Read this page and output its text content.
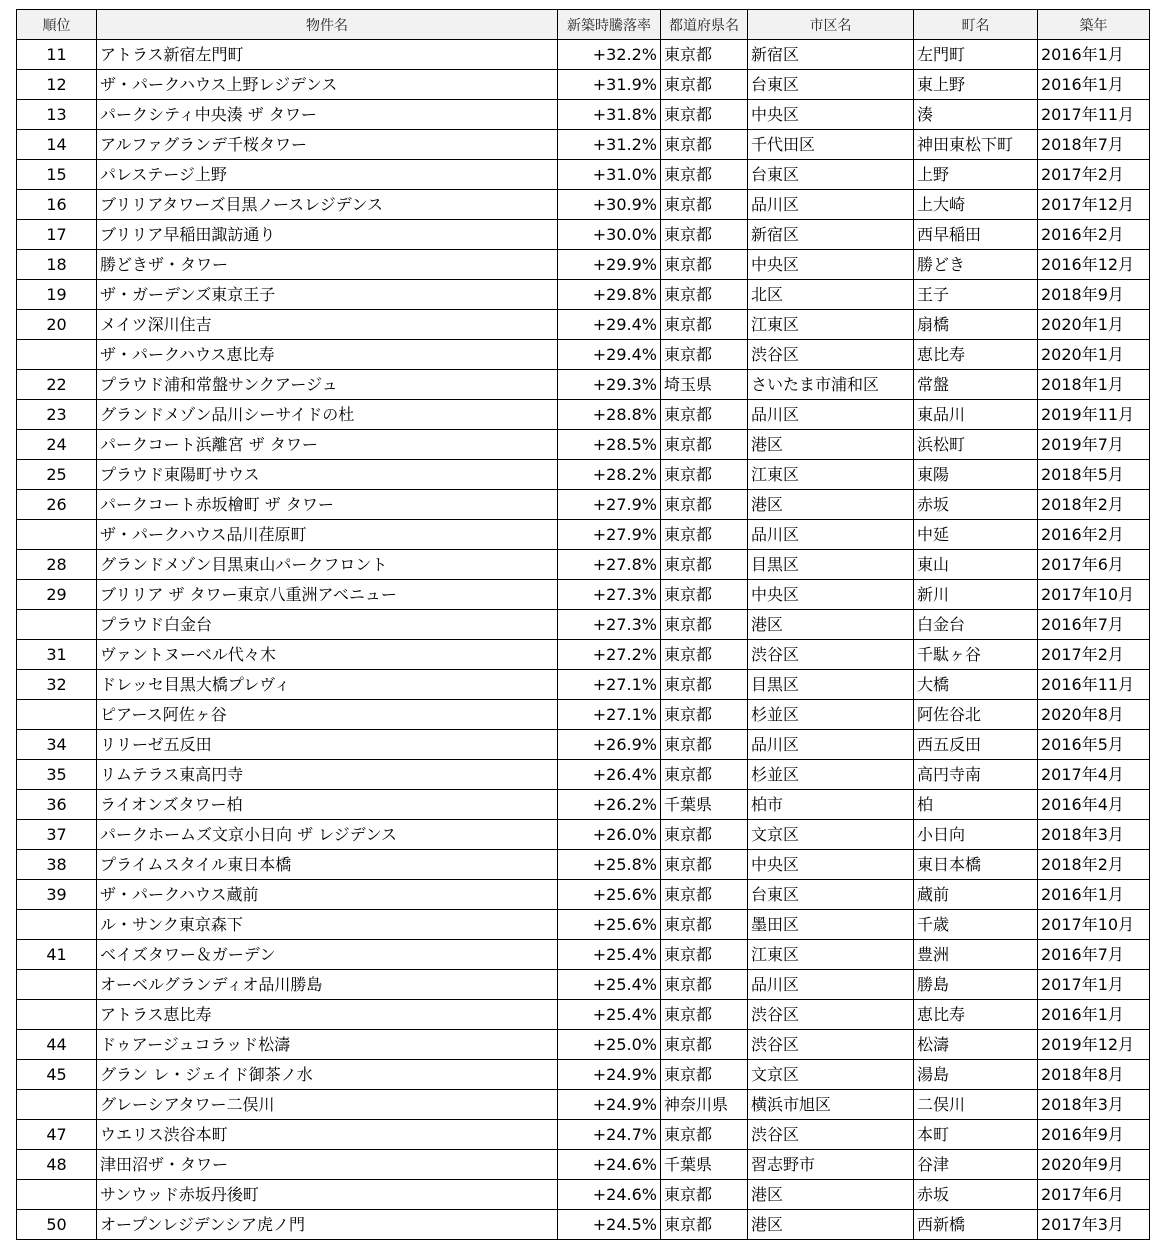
順位	物件名	新築時騰落率	都道府県名	市区名	町名	築年
11	アトラス新宿左門町	+32.2%	東京都	新宿区	左門町	2016年1月
12	ザ・パークハウス上野レジデンス	+31.9%	東京都	台東区	東上野	2016年1月
13	パークシティ中央湊 ザ タワー	+31.8%	東京都	中央区	湊	2017年11月
14	アルファグランデ千桜タワー	+31.2%	東京都	千代田区	神田東松下町	2018年7月
15	パレステージ上野	+31.0%	東京都	台東区	上野	2017年2月
16	ブリリアタワーズ目黒ノースレジデンス	+30.9%	東京都	品川区	上大崎	2017年12月
17	ブリリア早稲田諏訪通り	+30.0%	東京都	新宿区	西早稲田	2016年2月
18	勝どきザ・タワー	+29.9%	東京都	中央区	勝どき	2016年12月
19	ザ・ガーデンズ東京王子	+29.8%	東京都	北区	王子	2018年9月
20	メイツ深川住吉	+29.4%	東京都	江東区	扇橋	2020年1月
	ザ・パークハウス恵比寿	+29.4%	東京都	渋谷区	恵比寿	2020年1月
22	プラウド浦和常盤サンクアージュ	+29.3%	埼玉県	さいたま市浦和区	常盤	2018年1月
23	グランドメゾン品川シーサイドの杜	+28.8%	東京都	品川区	東品川	2019年11月
24	パークコート浜離宮 ザ タワー	+28.5%	東京都	港区	浜松町	2019年7月
25	プラウド東陽町サウス	+28.2%	東京都	江東区	東陽	2018年5月
26	パークコート赤坂檜町 ザ タワー	+27.9%	東京都	港区	赤坂	2018年2月
	ザ・パークハウス品川荏原町	+27.9%	東京都	品川区	中延	2016年2月
28	グランドメゾン目黒東山パークフロント	+27.8%	東京都	目黒区	東山	2017年6月
29	ブリリア ザ タワー東京八重洲アベニュー	+27.3%	東京都	中央区	新川	2017年10月
	プラウド白金台	+27.3%	東京都	港区	白金台	2016年7月
31	ヴァントヌーベル代々木	+27.2%	東京都	渋谷区	千駄ヶ谷	2017年2月
32	ドレッセ目黒大橋プレヴィ	+27.1%	東京都	目黒区	大橋	2016年11月
	ピアース阿佐ヶ谷	+27.1%	東京都	杉並区	阿佐谷北	2020年8月
34	リリーゼ五反田	+26.9%	東京都	品川区	西五反田	2016年5月
35	リムテラス東高円寺	+26.4%	東京都	杉並区	高円寺南	2017年4月
36	ライオンズタワー柏	+26.2%	千葉県	柏市	柏	2016年4月
37	パークホームズ文京小日向 ザ レジデンス	+26.0%	東京都	文京区	小日向	2018年3月
38	プライムスタイル東日本橋	+25.8%	東京都	中央区	東日本橋	2018年2月
39	ザ・パークハウス蔵前	+25.6%	東京都	台東区	蔵前	2016年1月
	ル・サンク東京森下	+25.6%	東京都	墨田区	千歳	2017年10月
41	ベイズタワー＆ガーデン	+25.4%	東京都	江東区	豊洲	2016年7月
	オーベルグランディオ品川勝島	+25.4%	東京都	品川区	勝島	2017年1月
	アトラス恵比寿	+25.4%	東京都	渋谷区	恵比寿	2016年1月
44	ドゥアージュコラッド松濤	+25.0%	東京都	渋谷区	松濤	2019年12月
45	グラン レ・ジェイド御茶ノ水	+24.9%	東京都	文京区	湯島	2018年8月
	グレーシアタワー二俣川	+24.9%	神奈川県	横浜市旭区	二俣川	2018年3月
47	ウエリス渋谷本町	+24.7%	東京都	渋谷区	本町	2016年9月
48	津田沼ザ・タワー	+24.6%	千葉県	習志野市	谷津	2020年9月
	サンウッド赤坂丹後町	+24.6%	東京都	港区	赤坂	2017年6月
50	オープンレジデンシア虎ノ門	+24.5%	東京都	港区	西新橋	2017年3月
